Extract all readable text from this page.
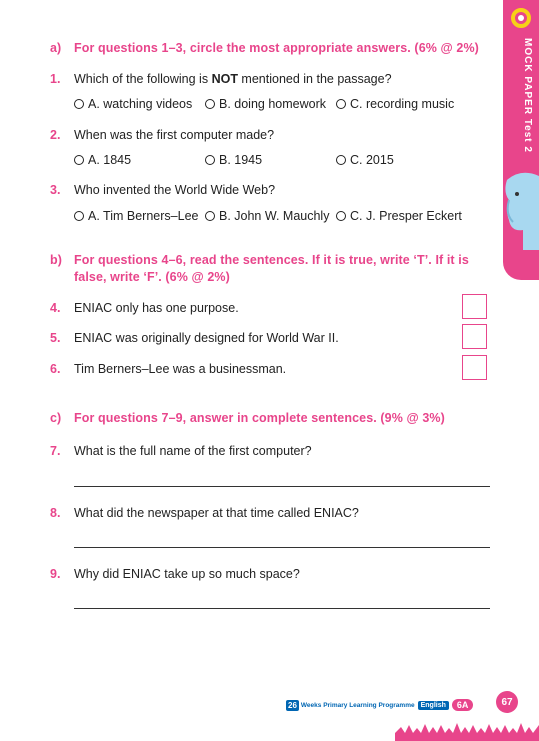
MOCK PAPER Test 2
a)	For questions 1–3, circle the most appropriate answers. (6% @ 2%)
1. Which of the following is NOT mentioned in the passage?
A. watching videos B. doing homework C. recording music
2. When was the first computer made?
A. 1845	B. 1945	C. 2015
3. Who invented the World Wide Web?
A. Tim Berners–Lee B. John W. Mauchly C. J. Presper Eckert
b) For questions 4–6, read the sentences. If it is true, write ‘T’. If it is false, write ‘F’. (6% @ 2%)
4. ENIAC only has one purpose.
5. ENIAC was originally designed for World War II.
6. Tim Berners–Lee was a businessman.
c)	For questions 7–9, answer in complete sentences. (9% @ 3%)
7. What is the full name of the first computer?
8. What did the newspaper at that time called ENIAC?
9. Why did ENIAC take up so much space?
26 Weeks Primary Learning Programme English	6A	67
